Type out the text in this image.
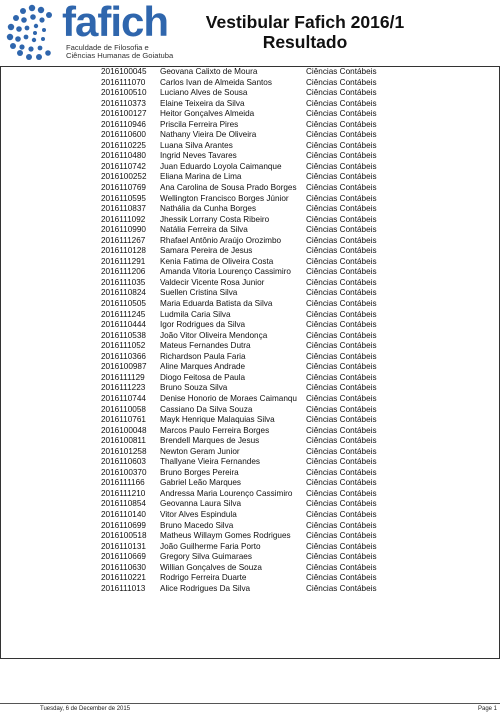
fafich
Faculdade de Filosofia e
Ciências Humanas de Goiatuba
Vestibular Fafich 2016/1
Resultado
2016100045 Geovana Calixto de Moura	Ciências Contábeis
2016111070 Carlos Ivan de Almeida Santos	Ciências Contábeis
2016100510 Luciano Alves de Sousa	Ciências Contábeis
2016110373 Elaine Teixeira da Silva	Ciências Contábeis
2016100127 Heitor Gonçalves Almeida	Ciências Contábeis
2016110946 Priscila Ferreira Pires	Ciências Contábeis
2016110600 Nathany Vieira De Oliveira	Ciências Contábeis
2016110225 Luana Silva Arantes	Ciências Contábeis
2016110480 Ingrid Neves Tavares	Ciências Contábeis
2016110742 Juan Eduardo Loyola Caimanque	Ciências Contábeis
2016100252 Eliana Marina de Lima	Ciências Contábeis
2016110769 Ana Carolina de Sousa Prado Borges Ciências Contábeis
2016110595 Wellington Francisco Borges Júnior Ciências Contábeis
2016110837 Nathália da Cunha Borges	Ciências Contábeis
2016111092 Jhessik Lorrany Costa Ribeiro	Ciências Contábeis
2016110990 Natália Ferreira da Silva	Ciências Contábeis
2016111267 Rhafael Antônio Araújo Orozimbo	Ciências Contábeis
2016110128 Samara Pereira de Jesus	Ciências Contábeis
2016111291 Kenia Fatima de Oliveira Costa	Ciências Contábeis
2016111206 Amanda Vitoria Lourenço Cassimiro Ciências Contábeis
2016111035 Valdecir Vicente Rosa Junior	Ciências Contábeis
2016110824 Suellen Cristina Silva	Ciências Contábeis
2016110505 Maria Eduarda Batista da Silva	Ciências Contábeis
2016111245 Ludmila Caria Silva	Ciências Contábeis
2016110444 Igor Rodrigues da Silva	Ciências Contábeis
2016110538 João Vitor Oliveira Mendonça	Ciências Contábeis
2016111052 Mateus Fernandes Dutra	Ciências Contábeis
2016110366 Richardson Paula Faria	Ciências Contábeis
2016100987 Aline Marques Andrade	Ciências Contábeis
2016111129 Diogo Feitosa de Paula	Ciências Contábeis
2016111223 Bruno Souza Silva	Ciências Contábeis
2016110744 Denise Honorio de Moraes Caimanqu Ciências Contábeis
2016110058 Cassiano Da Silva Souza	Ciências Contábeis
2016110761 Mayk Henrique Malaquias Silva	Ciências Contábeis
2016100048 Marcos Paulo Ferreira Borges	Ciências Contábeis
2016100811 Brendell Marques de Jesus	Ciências Contábeis
2016101258 Newton Geram Junior	Ciências Contábeis
2016110603 Thallyane Vieira Fernandes	Ciências Contábeis
2016100370 Bruno Borges Pereira	Ciências Contábeis
2016111166 Gabriel Leão Marques	Ciências Contábeis
2016111210 Andressa Maria Lourenço Cassimiro Ciências Contábeis
2016110854 Geovanna Laura Silva	Ciências Contábeis
2016110140 Vitor Alves Espindula	Ciências Contábeis
2016110699 Bruno Macedo Silva	Ciências Contábeis
2016100518 Matheus Willaym Gomes Rodrigues Ciências Contábeis
2016110131 João Guilherme Faria Porto	Ciências Contábeis
2016110669 Gregory Silva Guimaraes	Ciências Contábeis
2016110630 Willian Gonçalves de Souza	Ciências Contábeis
2016110221 Rodrigo Ferreira Duarte	Ciências Contábeis
2016111013 Alice Rodrigues Da Silva	Ciências Contábeis
Tuesday, 6 de December de 2015	Page 1
